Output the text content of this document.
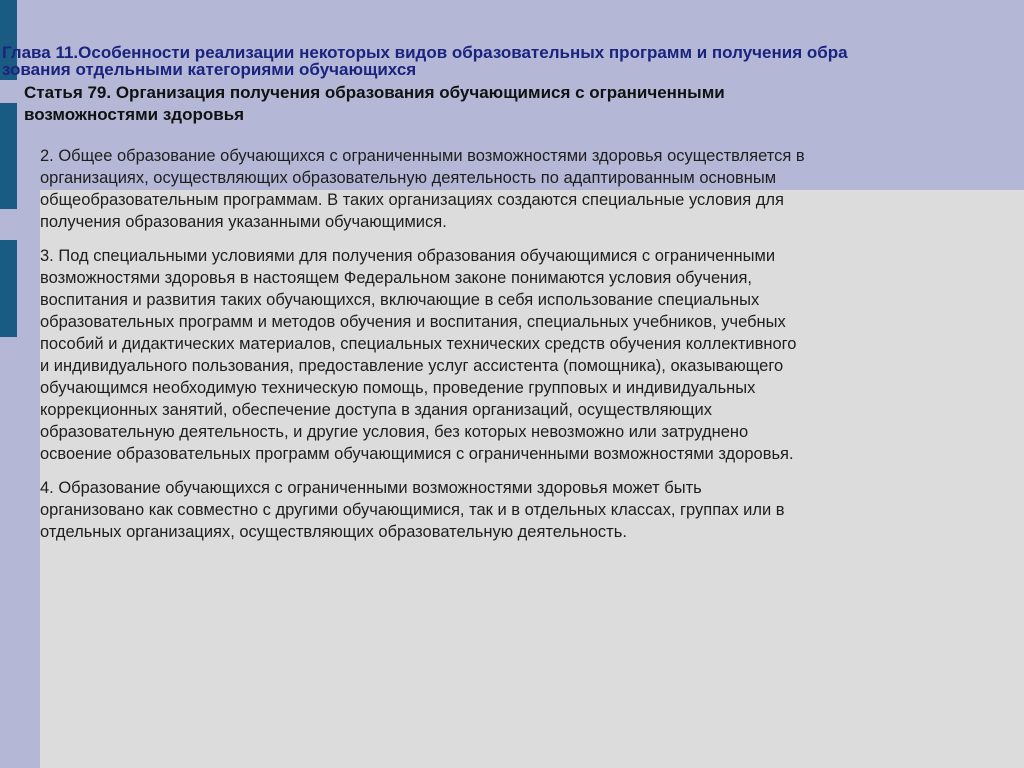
Глава 11.Особенности реализации некоторых видов образовательных программ и получения обра
зования отдельными категориями обучающихся
Статья 79. Организация получения образования обучающимися с ограниченными
возможностями здоровья
2. Общее образование обучающихся с ограниченными возможностями здоровья осуществляется в
организациях, осуществляющих образовательную деятельность по адаптированным основным
общеобразовательным программам. В таких организациях создаются специальные условия для
получения образования указанными обучающимися.
3. Под специальными условиями для получения образования обучающимися с ограниченными
возможностями здоровья в настоящем Федеральном законе понимаются условия обучения,
воспитания и развития таких обучающихся, включающие в себя использование специальных
образовательных программ и методов обучения и воспитания, специальных учебников, учебных
пособий и дидактических материалов, специальных технических средств обучения коллективного
и индивидуального пользования, предоставление услуг ассистента (помощника), оказывающего
обучающимся необходимую техническую помощь, проведение групповых и индивидуальных
коррекционных занятий, обеспечение доступа в здания организаций, осуществляющих
образовательную деятельность, и другие условия, без которых невозможно или затруднено
освоение образовательных программ обучающимися с ограниченными возможностями здоровья.
4. Образование обучающихся с ограниченными возможностями здоровья может быть
организовано как совместно с другими обучающимися, так и в отдельных классах, группах или в
отдельных организациях, осуществляющих образовательную деятельность.
